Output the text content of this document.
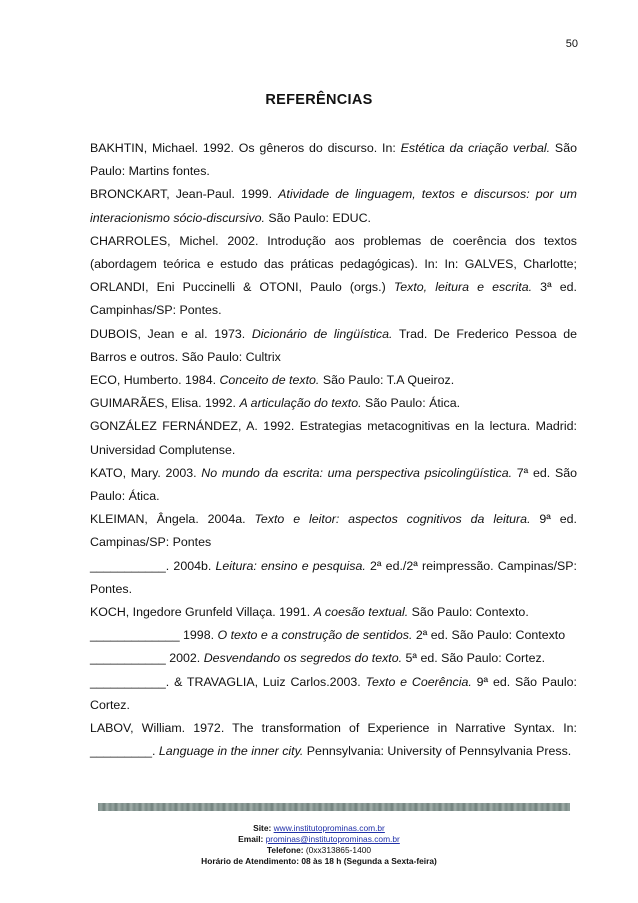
50
REFERÊNCIAS

BAKHTIN, Michael. 1992. Os gêneros do discurso. In: Estética da criação verbal. São Paulo: Martins fontes.

BRONCKART, Jean-Paul. 1999. Atividade de linguagem, textos e discursos: por um interacionismo sócio-discursivo. São Paulo: EDUC.

CHARROLES, Michel. 2002. Introdução aos problemas de coerência dos textos (abordagem teórica e estudo das práticas pedagógicas). In: In: GALVES, Charlotte; ORLANDI, Eni Puccinelli & OTONI, Paulo (orgs.) Texto, leitura e escrita. 3ª ed. Campinhas/SP: Pontes.

DUBOIS, Jean e al. 1973. Dicionário de lingüística. Trad. De Frederico Pessoa de Barros e outros. São Paulo: Cultrix

ECO, Humberto. 1984. Conceito de texto. São Paulo: T.A Queiroz.

GUIMARÃES, Elisa. 1992. A articulação do texto. São Paulo: Ática.

GONZÁLEZ FERNÁNDEZ, A. 1992. Estrategias metacognitivas en la lectura. Madrid: Universidad Complutense.

KATO, Mary. 2003. No mundo da escrita: uma perspectiva psicolingüística. 7ª ed. São Paulo: Ática.

KLEIMAN, Ângela. 2004a. Texto e leitor: aspectos cognitivos da leitura. 9ª ed. Campinas/SP: Pontes

___________. 2004b. Leitura: ensino e pesquisa. 2ª ed./2ª reimpressão. Campinas/SP: Pontes.

KOCH, Ingedore Grunfeld Villaça. 1991. A coesão textual. São Paulo: Contexto.

_____________ 1998. O texto e a construção de sentidos. 2ª ed. São Paulo: Contexto

___________ 2002. Desvendando os segredos do texto. 5ª ed. São Paulo: Cortez.

___________. & TRAVAGLIA, Luiz Carlos.2003. Texto e Coerência. 9ª ed. São Paulo: Cortez.

LABOV, William. 1972. The transformation of Experience in Narrative Syntax. In: _________. Language in the inner city. Pennsylvania: University of Pennsylvania Press.

Site: www.institutoprominas.com.br
Email: prominas@institutoprominas.com.br
Telefone: (0xx313865-1400
Horário de Atendimento: 08 às 18 h (Segunda a Sexta-feira)
